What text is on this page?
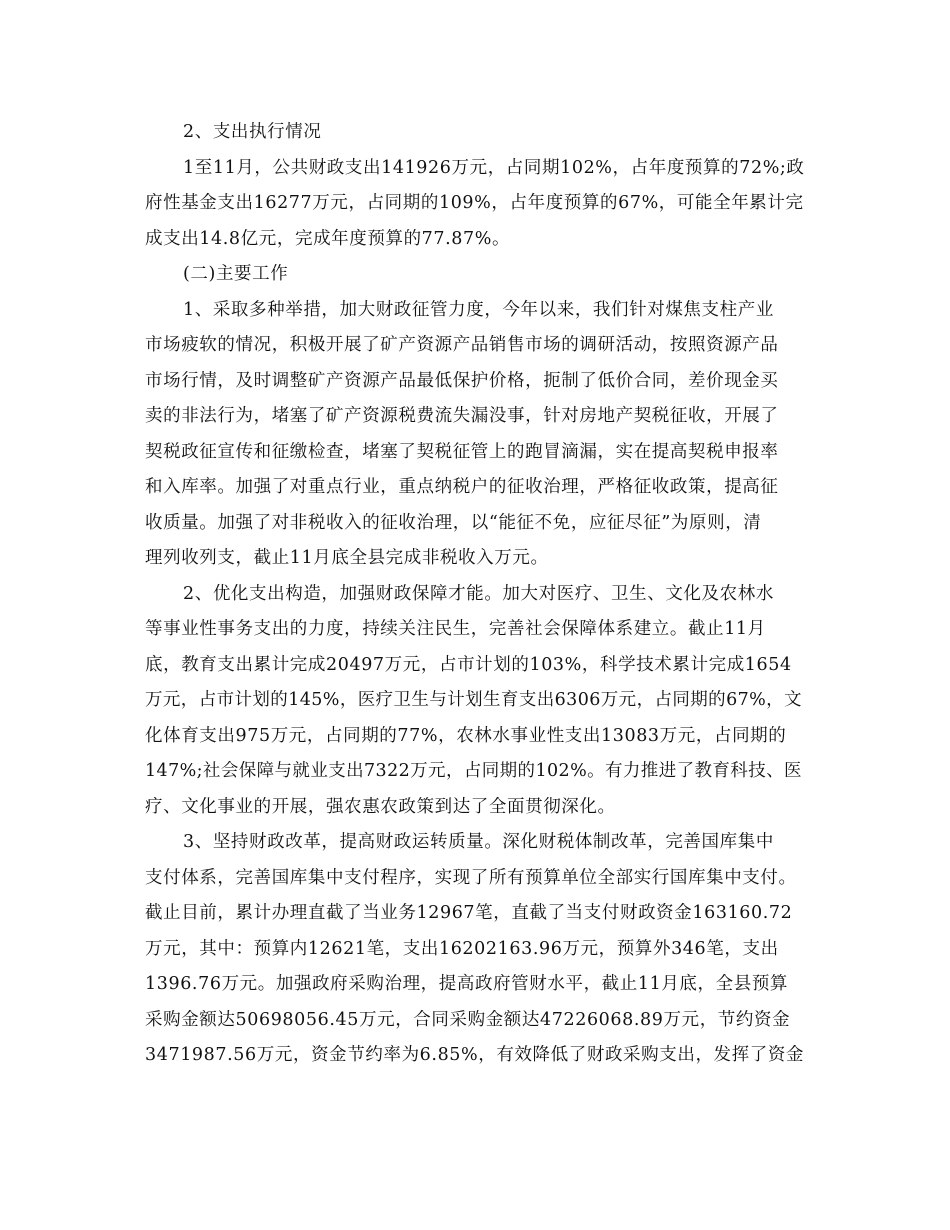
2、支出执行情况
1至11月，公共财政支出141926万元，占同期102%，占年度预算的72%;政
府性基金支出16277万元，占同期的109%，占年度预算的67%，可能全年累计完
成支出14.8亿元，完成年度预算的77.87%。
(二)主要工作
1、采取多种举措，加大财政征管力度，今年以来，我们针对煤焦支柱产业
市场疲软的情况，积极开展了矿产资源产品销售市场的调研活动，按照资源产品
市场行情，及时调整矿产资源产品最低保护价格，扼制了低价合同，差价现金买
卖的非法行为，堵塞了矿产资源税费流失漏没事，针对房地产契税征收，开展了
契税政征宣传和征缴检查，堵塞了契税征管上的跑冒滴漏，实在提高契税申报率
和入库率。加强了对重点行业，重点纳税户的征收治理，严格征收政策，提高征
收质量。加强了对非税收入的征收治理，以“能征不免，应征尽征”为原则，清
理列收列支，截止11月底全县完成非税收入万元。
2、优化支出构造，加强财政保障才能。加大对医疗、卫生、文化及农林水
等事业性事务支出的力度，持续关注民生，完善社会保障体系建立。截止11月
底，教育支出累计完成20497万元，占市计划的103%，科学技术累计完成1654
万元，占市计划的145%，医疗卫生与计划生育支出6306万元，占同期的67%，文
化体育支出975万元，占同期的77%，农林水事业性支出13083万元，占同期的
147%;社会保障与就业支出7322万元，占同期的102%。有力推进了教育科技、医
疗、文化事业的开展，强农惠农政策到达了全面贯彻深化。
3、坚持财政改革，提高财政运转质量。深化财税体制改革，完善国库集中
支付体系，完善国库集中支付程序，实现了所有预算单位全部实行国库集中支付。
截止目前，累计办理直截了当业务12967笔，直截了当支付财政资金163160.72
万元，其中：预算内12621笔，支出16202163.96万元，预算外346笔，支出
1396.76万元。加强政府采购治理，提高政府管财水平，截止11月底，全县预算
采购金额达50698056.45万元，合同采购金额达47226068.89万元，节约资金
3471987.56万元，资金节约率为6.85%，有效降低了财政采购支出，发挥了资金
